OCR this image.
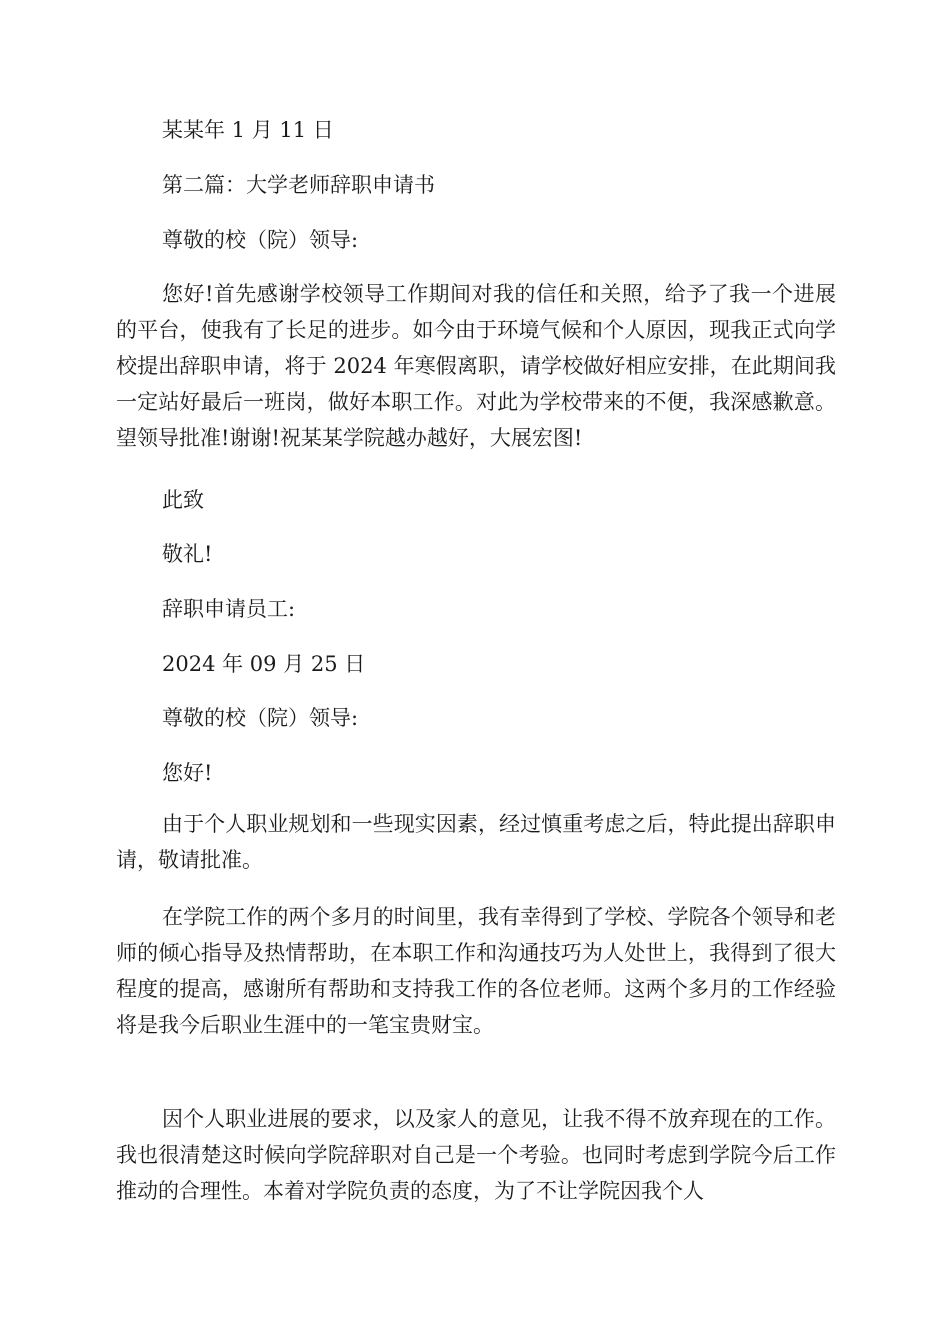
某某年 1 月 11 日
第二篇：大学老师辞职申请书
尊敬的校（院）领导:

您好!首先感谢学校领导工作期间对我的信任和关照，给予了我一个进展的平台，使我有了长足的进步。如今由于环境气候和个人原因，现我正式向学校提出辞职申请，将于 2024 年寒假离职，请学校做好相应安排，在此期间我一定站好最后一班岗，做好本职工作。对此为学校带来的不便，我深感歉意。望领导批准!谢谢!祝某某学院越办越好，大展宏图!

此致
敬礼!
辞职申请员工:
2024 年 09 月 25 日
尊敬的校（院）领导:
您好!

由于个人职业规划和一些现实因素，经过慎重考虑之后，特此提出辞职申请，敬请批准。

在学院工作的两个多月的时间里，我有幸得到了学校、学院各个领导和老师的倾心指导及热情帮助，在本职工作和沟通技巧为人处世上，我得到了很大程度的提高，感谢所有帮助和支持我工作的各位老师。这两个多月的工作经验将是我今后职业生涯中的一笔宝贵财宝。

因个人职业进展的要求，以及家人的意见，让我不得不放弃现在的工作。我也很清楚这时候向学院辞职对自己是一个考验。也同时考虑到学院今后工作推动的合理性。本着对学院负责的态度，为了不让学院因我个人
